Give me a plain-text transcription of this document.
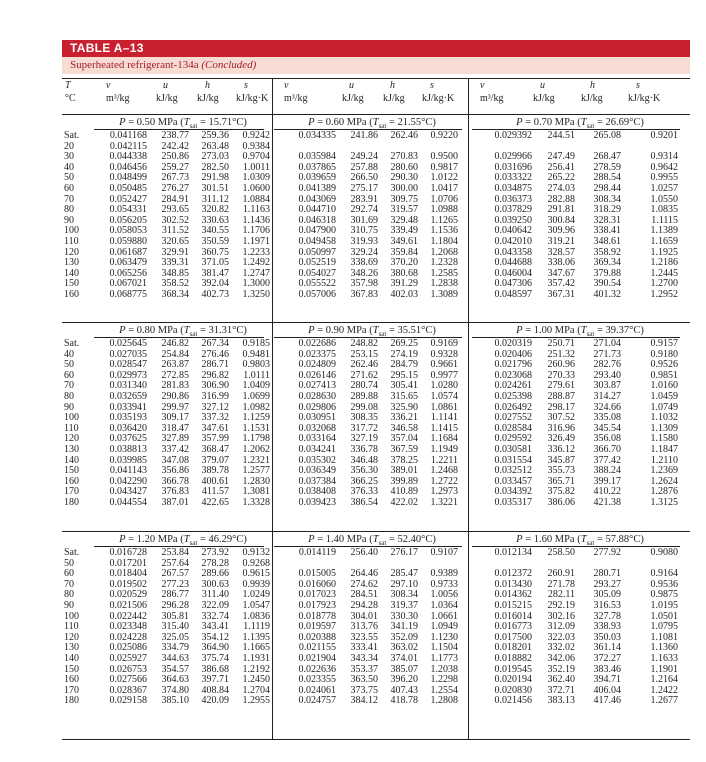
TABLE A–13
Superheated refrigerant-134a (Concluded)
T
°C
v
m³/kg
u
kJ/kg
h
kJ/kg
s
kJ/kg·K
v
m³/kg
u
kJ/kg
h
kJ/kg
s
kJ/kg·K
v
m³/kg
u
kJ/kg
h
kJ/kg
s
kJ/kg·K
Sat.
20
30
40
50
60
70
80
90
100
110
120
130
140
150
160
P = 0.50 MPa $(T_{sat} = 15.71^\circ C)$
0.041168
0.042115
0.044338
0.046456
0.048499
0.050485
0.052427
0.054331
0.056205
0.058053
0.059880
0.061687
0.063479
0.065256
0.067021
0.068775
238.77
242.42
250.86
259.27
267.73
276.27
284.91
293.65
302.52
311.52
320.65
329.91
339.31
348.85
358.52
368.34
259.36
263.48
273.03
282.50
291.98
301.51
311.12
320.82
330.63
340.55
350.59
360.75
371.05
381.47
392.04
402.73
0.9242
0.9384
0.9704
1.0011
1.0309
1.0600
1.0884
1.1163
1.1436
1.1706
1.1971
1.2233
1.2492
1.2747
1.3000
1.3250
P = 0.60 MPa $(T_{sat} = 21.55^\circ C)$
0.034335

0.035984
0.037865
0.039659
0.041389
0.043069
0.044710
0.046318
0.047900
0.049458
0.050997
0.052519
0.054027
0.055522
0.057006
241.86

249.24
257.88
266.50
275.17
283.91
292.74
301.69
310.75
319.93
329.24
338.69
348.26
357.98
367.83
262.46

270.83
280.60
290.30
300.00
309.75
319.57
329.48
339.49
349.61
359.84
370.20
380.68
391.29
402.03
0.9220

0.9500
0.9817
1.0122
1.0417
1.0706
1.0988
1.1265
1.1536
1.1804
1.2068
1.2328
1.2585
1.2838
1.3089
P = 0.70 MPa $(T_{sat} = 26.69^\circ C)$
0.029392

0.029966
0.031696
0.033322
0.034875
0.036373
0.037829
0.039250
0.040642
0.042010
0.043358
0.044688
0.046004
0.047306
0.048597
244.51

247.49
256.41
265.22
274.03
282.88
291.81
300.84
309.96
319.21
328.57
338.06
347.67
357.42
367.31
265.08

268.47
278.59
288.54
298.44
308.34
318.29
328.31
338.41
348.61
358.92
369.34
379.88
390.54
401.32
0.9201

0.9314
0.9642
0.9955
1.0257
1.0550
1.0835
1.1115
1.1389
1.1659
1.1925
1.2186
1.2445
1.2700
1.2952
Sat.
40
50
60
70
80
90
100
110
120
130
140
150
160
170
180
P = 0.80 MPa $(T_{sat} = 31.31^\circ C)$
0.025645
0.027035
0.028547
0.029973
0.031340
0.032659
0.033941
0.035193
0.036420
0.037625
0.038813
0.039985
0.041143
0.042290
0.043427
0.044554
246.82
254.84
263.87
272.85
281.83
290.86
299.97
309.17
318.47
327.89
337.42
347.08
356.86
366.78
376.83
387.01
267.34
276.46
286.71
296.82
306.90
316.99
327.12
337.32
347.61
357.99
368.47
379.07
389.78
400.61
411.57
422.65
0.9185
0.9481
0.9803
1.0111
1.0409
1.0699
1.0982
1.1259
1.1531
1.1798
1.2062
1.2321
1.2577
1.2830
1.3081
1.3328
P = 0.90 MPa $(T_{sat} = 35.51^\circ C)$
0.022686
0.023375
0.024809
0.026146
0.027413
0.028630
0.029806
0.030951
0.032068
0.033164
0.034241
0.035302
0.036349
0.037384
0.038408
0.039423
248.82
253.15
262.46
271.62
280.74
289.88
299.08
308.35
317.72
327.19
336.78
346.48
356.30
366.25
376.33
386.54
269.25
274.19
284.79
295.15
305.41
315.65
325.90
336.21
346.58
357.04
367.59
378.25
389.01
399.89
410.89
422.02
0.9169
0.9328
0.9661
0.9977
1.0280
1.0574
1.0861
1.1141
1.1415
1.1684
1.1949
1.2211
1.2468
1.2722
1.2973
1.3221
P = 1.00 MPa $(T_{sat} = 39.37^\circ C)$
0.020319
0.020406
0.021796
0.023068
0.024261
0.025398
0.026492
0.027552
0.028584
0.029592
0.030581
0.031554
0.032512
0.033457
0.034392
0.035317
250.71
251.32
260.96
270.33
279.61
288.87
298.17
307.52
316.96
326.49
336.12
345.87
355.73
365.71
375.82
386.06
271.04
271.73
282.76
293.40
303.87
314.27
324.66
335.08
345.54
356.08
366.70
377.42
388.24
399.17
410.22
421.38
0.9157
0.9180
0.9526
0.9851
1.0160
1.0459
1.0749
1.1032
1.1309
1.1580
1.1847
1.2110
1.2369
1.2624
1.2876
1.3125
Sat.
50
60
70
80
90
100
110
120
130
140
150
160
170
180
P = 1.20 MPa $(T_{sat} = 46.29^\circ C)$
0.016728
0.017201
0.018404
0.019502
0.020529
0.021506
0.022442
0.023348
0.024228
0.025086
0.025927
0.026753
0.027566
0.028367
0.029158
253.84
257.64
267.57
277.23
286.77
296.28
305.81
315.40
325.05
334.79
344.63
354.57
364.63
374.80
385.10
273.92
278.28
289.66
300.63
311.40
322.09
332.74
343.41
354.12
364.90
375.74
386.68
397.71
408.84
420.09
0.9132
0.9268
0.9615
0.9939
1.0249
1.0547
1.0836
1.1119
1.1395
1.1665
1.1931
1.2192
1.2450
1.2704
1.2955
P = 1.40 MPa $(T_{sat} = 52.40^\circ C)$
0.014119

0.015005
0.016060
0.017023
0.017923
0.018778
0.019597
0.020388
0.021155
0.021904
0.022636
0.023355
0.024061
0.024757
256.40

264.46
274.62
284.51
294.28
304.01
313.76
323.55
333.41
343.34
353.37
363.50
373.75
384.12
276.17

285.47
297.10
308.34
319.37
330.30
341.19
352.09
363.02
374.01
385.07
396.20
407.43
418.78
0.9107

0.9389
0.9733
1.0056
1.0364
1.0661
1.0949
1.1230
1.1504
1.1773
1.2038
1.2298
1.2554
1.2808
P = 1.60 MPa $(T_{sat} = 57.88^\circ C)$
0.012134

0.012372
0.013430
0.014362
0.015215
0.016014
0.016773
0.017500
0.018201
0.018882
0.019545
0.020194
0.020830
0.021456
258.50

260.91
271.78
282.11
292.19
302.16
312.09
322.03
332.02
342.06
352.19
362.40
372.71
383.13
277.92

280.71
293.27
305.09
316.53
327.78
338.93
350.03
361.14
372.27
383.46
394.71
406.04
417.46
0.9080

0.9164
0.9536
0.9875
1.0195
1.0501
1.0795
1.1081
1.1360
1.1633
1.1901
1.2164
1.2422
1.2677
